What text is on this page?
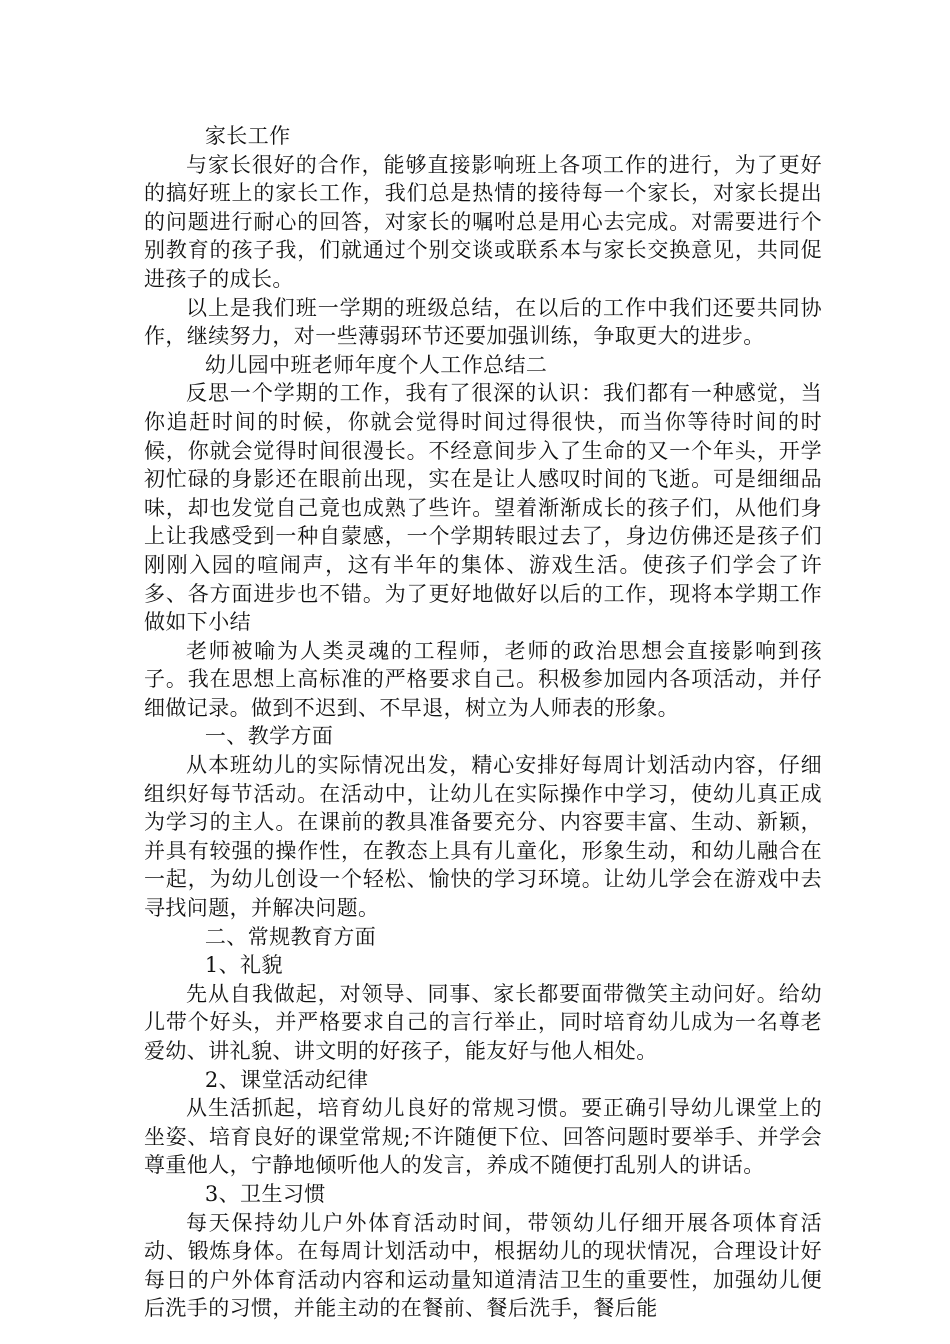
家长工作

与家长很好的合作，能够直接影响班上各项工作的进行，为了更好的搞好班上的家长工作，我们总是热情的接待每一个家长，对家长提出的问题进行耐心的回答，对家长的嘱咐总是用心去完成。对需要进行个别教育的孩子我，们就通过个别交谈或联系本与家长交换意见，共同促进孩子的成长。

以上是我们班一学期的班级总结，在以后的工作中我们还要共同协作，继续努力，对一些薄弱环节还要加强训练，争取更大的进步。

幼儿园中班老师年度个人工作总结二

反思一个学期的工作，我有了很深的认识：我们都有一种感觉，当你追赶时间的时候，你就会觉得时间过得很快，而当你等待时间的时候，你就会觉得时间很漫长。不经意间步入了生命的又一个年头，开学初忙碌的身影还在眼前出现，实在是让人感叹时间的飞逝。可是细细品味，却也发觉自己竟也成熟了些许。望着渐渐成长的孩子们，从他们身上让我感受到一种自蒙感，一个学期转眼过去了，身边仿佛还是孩子们刚刚入园的喧闹声，这有半年的集体、游戏生活。使孩子们学会了许多、各方面进步也不错。为了更好地做好以后的工作，现将本学期工作做如下小结

老师被喻为人类灵魂的工程师，老师的政治思想会直接影响到孩子。我在思想上高标准的严格要求自己。积极参加园内各项活动，并仔细做记录。做到不迟到、不早退，树立为人师表的形象。

一、教学方面

从本班幼儿的实际情况出发，精心安排好每周计划活动内容，仔细组织好每节活动。在活动中，让幼儿在实际操作中学习，使幼儿真正成为学习的主人。在课前的教具准备要充分、内容要丰富、生动、新颖，并具有较强的操作性，在教态上具有儿童化，形象生动，和幼儿融合在一起，为幼儿创设一个轻松、愉快的学习环境。让幼儿学会在游戏中去寻找问题，并解决问题。

二、常规教育方面

1、礼貌

先从自我做起，对领导、同事、家长都要面带微笑主动问好。给幼儿带个好头，并严格要求自己的言行举止，同时培育幼儿成为一名尊老爱幼、讲礼貌、讲文明的好孩子，能友好与他人相处。

2、课堂活动纪律

从生活抓起，培育幼儿良好的常规习惯。要正确引导幼儿课堂上的坐姿、培育良好的课堂常规;不许随便下位、回答问题时要举手、并学会尊重他人，宁静地倾听他人的发言，养成不随便打乱别人的讲话。

3、卫生习惯

每天保持幼儿户外体育活动时间，带领幼儿仔细开展各项体育活动、锻炼身体。在每周计划活动中，根据幼儿的现状情况，合理设计好每日的户外体育活动内容和运动量知道清洁卫生的重要性，加强幼儿便后洗手的习惯，并能主动的在餐前、餐后洗手，餐后能
